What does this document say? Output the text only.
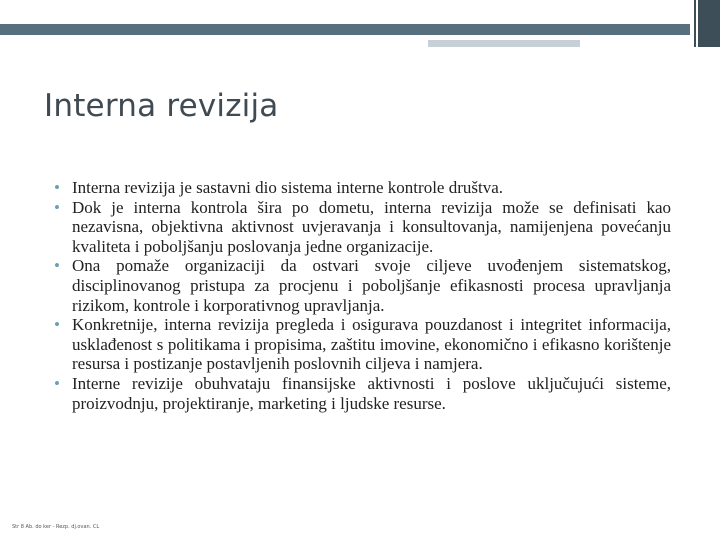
Interna revizija
• Interna revizija je sastavni dio sistema interne kontrole društva.
• Dok je interna kontrola šira po dometu, interna revizija može se definisati kao nezavisna, objektivna aktivnost uvjeravanja i konsultovanja, namijenjena povećanju kvaliteta i poboljšanju poslovanja jedne organizacije.
• Ona pomaže organizaciji da ostvari svoje ciljeve uvođenjem sistematskog, disciplinovanog pristupa za procjenu i poboljšanje efikasnosti procesa upravljanja rizikom, kontrole i korporativnog upravljanja.
• Konkretnije, interna revizija pregleda i osigurava pouzdanost i integritet informacija, usklađenost s politikama i propisima, zaštitu imovine, ekonomično i efikasno korištenje resursa i postizanje postavljenih poslovnih ciljeva i namjera.
• Interne revizije obuhvataju finansijske aktivnosti i poslove uključujući sisteme, proizvodnju, projektiranje, marketing i ljudske resurse.
Str 8 Ab. do ker - Rezp. dj.ovan. CL
